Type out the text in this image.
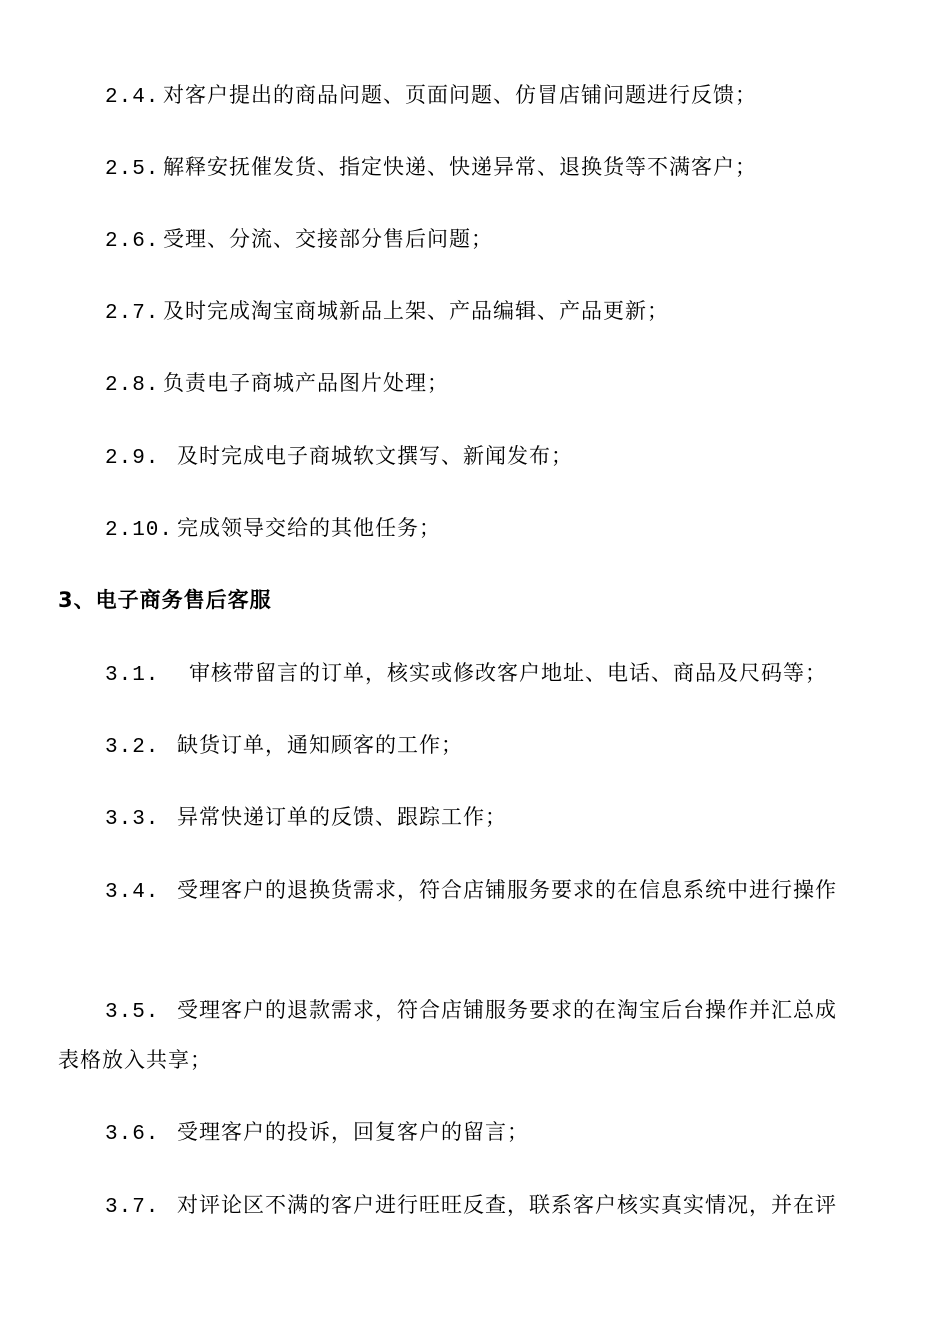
2.4. 对客户提出的商品问题、页面问题、仿冒店铺问题进行反馈；
2.5. 解释安抚催发货、指定快递、快递异常、退换货等不满客户；
2.6. 受理、分流、交接部分售后问题；
2.7. 及时完成淘宝商城新品上架、产品编辑、产品更新；
2.8. 负责电子商城产品图片处理；
2.9. 及时完成电子商城软文撰写、新闻发布；
2.10. 完成领导交给的其他任务；
3、电子商务售后客服
3.1. 审核带留言的订单，核实或修改客户地址、电话、商品及尺码等；
3.2. 缺货订单，通知顾客的工作；
3.3. 异常快递订单的反馈、跟踪工作；
3.4. 受理客户的退换货需求，符合店铺服务要求的在信息系统中进行操作
3.5. 受理客户的退款需求，符合店铺服务要求的在淘宝后台操作并汇总成
表格放入共享；
3.6. 受理客户的投诉，回复客户的留言；
3.7. 对评论区不满的客户进行旺旺反查，联系客户核实真实情况，并在评
